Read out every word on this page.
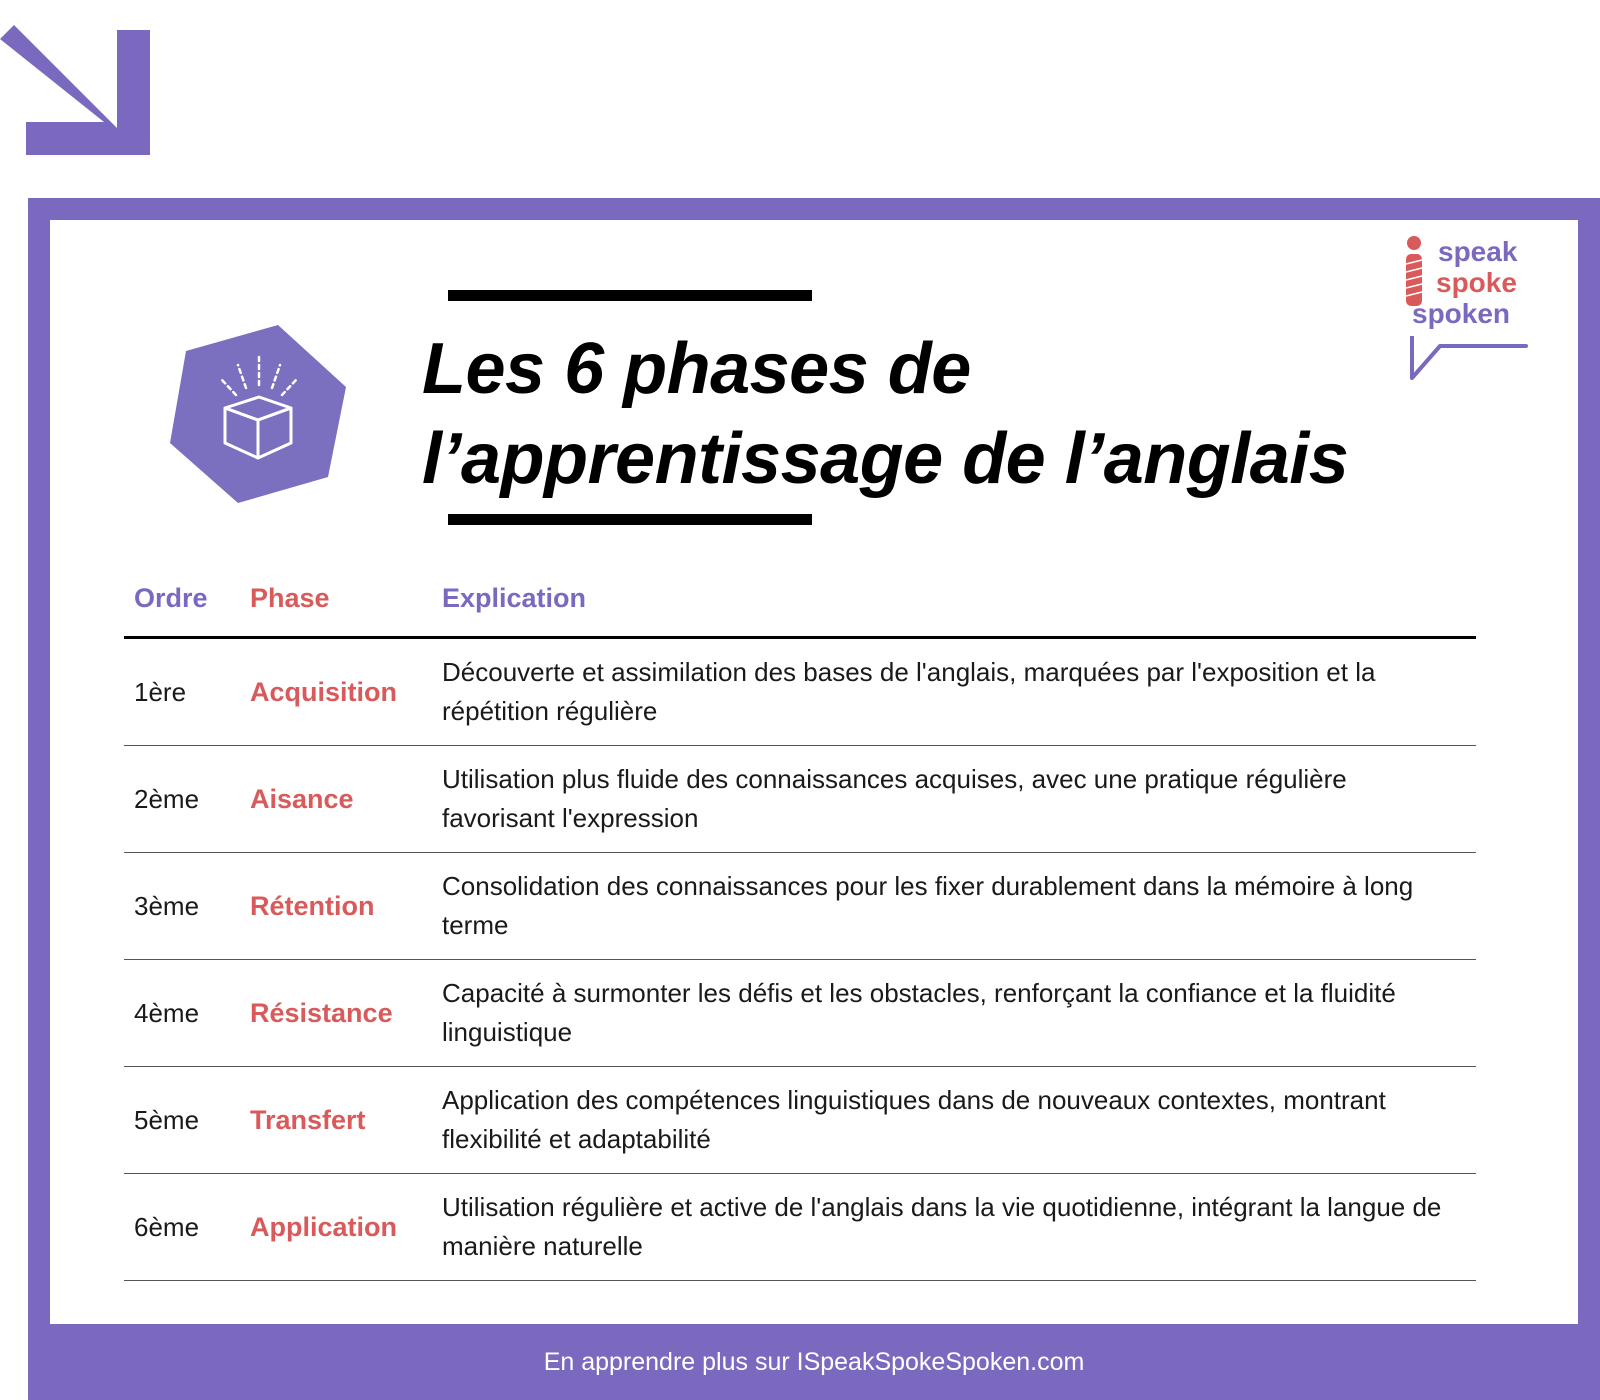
Les 6 phases de
l’apprentissage de l’anglais
speak
spoke
spoken
Ordre	Phase	Explication
1ère	Acquisition	Découverte et assimilation des bases de l'anglais, marquées par l'exposition et la répétition régulière
2ème	Aisance	Utilisation plus fluide des connaissances acquises, avec une pratique régulière favorisant l'expression
3ème	Rétention	Consolidation des connaissances pour les fixer durablement dans la mémoire à long terme
4ème	Résistance	Capacité à surmonter les défis et les obstacles, renforçant la confiance et la fluidité linguistique
5ème	Transfert	Application des compétences linguistiques dans de nouveaux contextes, montrant flexibilité et adaptabilité
6ème	Application	Utilisation régulière et active de l'anglais dans la vie quotidienne, intégrant la langue de manière naturelle
En apprendre plus sur ISpeakSpokeSpoken.com
